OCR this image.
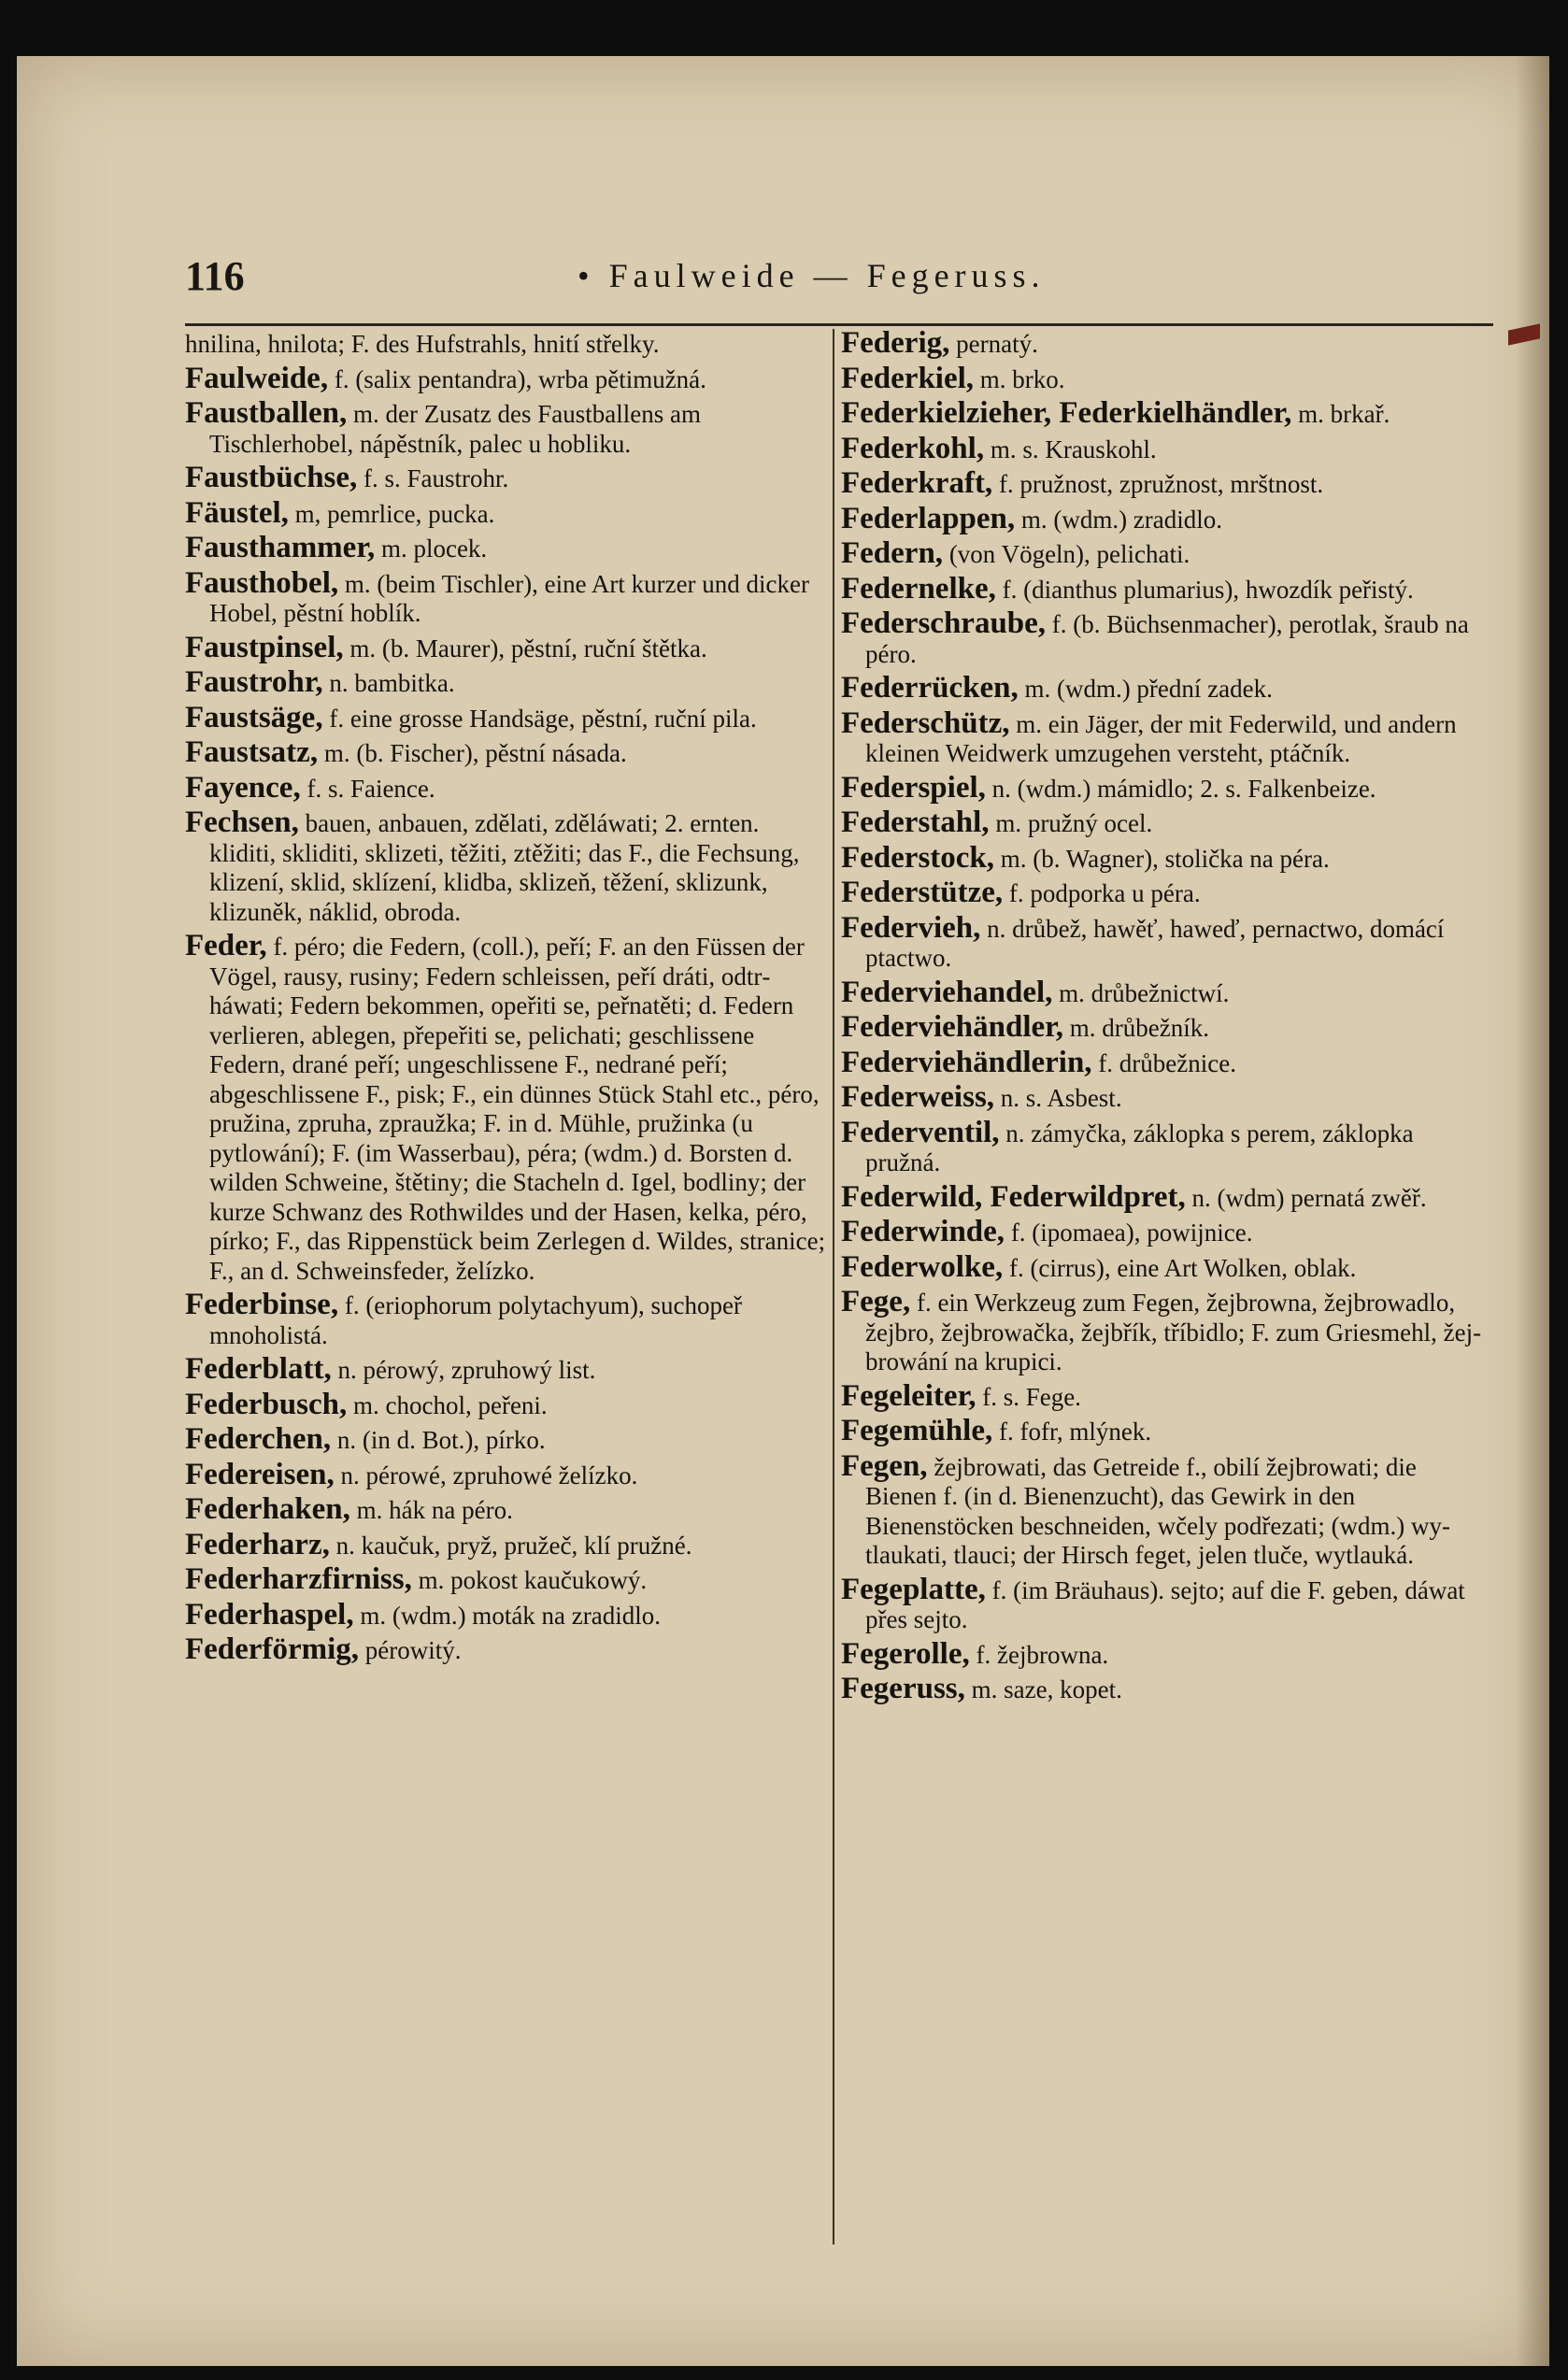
116	• Faulweide — Fegeruss.
hnilina, hnilota; F. des Hufstrahls, hnití střelky.
Faulweide, f. (salix pentandra), wrba pětimužná.
Faustballen, m. der Zusatz des Faustballens am Tischlerhobel, nápěstník, palec u hobliku.
Faustbüchse, f. s. Faustrohr.
Fäustel, m, pemrlice, pucka.
Fausthammer, m. plocek.
Fausthobel, m. (beim Tischler), eine Art kurzer und dicker Hobel, pěstní hoblík.
Faustpinsel, m. (b. Maurer), pěstní, ruční štětka.
Faustrohr, n. bambitka.
Faustsäge, f. eine grosse Handsäge, pěstní, ruční pila.
Faustsatz, m. (b. Fischer), pěstní násada.
Fayence, f. s. Faience.
Fechsen, bauen, anbauen, zdělati, zděláwati; 2. ernten. kliditi, skliditi, sklizeti, těžiti, ztěžiti; das F., die Fechsung, klizení, sklid, sklízení, klidba, sklizeň, těžení, sklizunk, klizuněk, náklid, obroda.
Feder, f. péro; die Federn, (coll.), peří; F. an den Füssen der Vögel, rausy, rusiny; Federn schleissen, peří dráti, odtrháwati; Federn bekommen, opeřiti se, peřnatěti; d. Federn verlieren, ablegen, přepeřiti se, pelichati; geschlissene Federn, drané peří; ungeschlissene F., nedrané peří; abgeschlissene F., pisk; F., ein dünnes Stück Stahl etc., péro, pružina, zpruha, zpraužka; F. in d. Mühle, pružinka (u pytlowání); F. (im Wasserbau), péra; (wdm.) d. Borsten d. wilden Schweine, štětiny; die Stacheln d. Igel, bodliny; der kurze Schwanz des Rothwildes und der Hasen, kelka, péro, pírko; F., das Rippenstück beim Zerlegen d. Wildes, stranice; F., an d. Schweinsfeder, želízko.
Federbinse, f. (eriophorum polytachyum), suchopeř mnoholistá.
Federblatt, n. pérowý, zpruhowý list.
Federbusch, m. chochol, peřeni.
Federchen, n. (in d. Bot.), pírko.
Federeisen, n. pérowé, zpruhowé želízko.
Federhaken, m. hák na péro.
Federharz, n. kaučuk, pryž, pružeč, klí pružné.
Federharzfirniss, m. pokost kaučukowý.
Federhaspel, m. (wdm.) moták na zradidlo.
Federförmig, pérowitý.
Federig, pernatý.
Federkiel, m. brko.
Federkielzieher, Federkielhändler, m. brkař.
Federkohl, m. s. Krauskohl.
Federkraft, f. pružnost, zpružnost, mrštnost.
Federlappen, m. (wdm.) zradidlo.
Federn, (von Vögeln), pelichati.
Federnelke, f. (dianthus plumarius), hwozdík peřistý.
Federschraube, f. (b. Büchsenmacher), perotlak, šraub na péro.
Federrücken, m. (wdm.) přední zadek.
Federschütz, m. ein Jäger, der mit Federwild, und andern kleinen Weidwerk umzugehen versteht, ptáčník.
Federspiel, n. (wdm.) mámidlo; 2. s. Falkenbeize.
Federstahl, m. pružný ocel.
Federstock, m. (b. Wagner), stolička na péra.
Federstütze, f. podporka u péra.
Federvieh, n. drůbež, hawěť, haweď, pernactwo, domácí ptactwo.
Federviehandel, m. drůbežnictwí.
Federviehändler, m. drůbežník.
Federviehändlerin, f. drůbežnice.
Federweiss, n. s. Asbest.
Federventil, n. zámyčka, záklopka s perem, záklopka pružná.
Federwild, Federwildpret, n. (wdm) pernatá zwěř.
Federwinde, f. (ipomaea), powijnice.
Federwolke, f. (cirrus), eine Art Wolken, oblak.
Fege, f. ein Werkzeug zum Fegen, žejbrowna, žejbrowadlo, žejbro, žejbrowačka, žejbřík, tříbidlo; F. zum Griesmehl, žejbrowání na krupici.
Fegeleiter, f. s. Fege.
Fegemühle, f. fofr, mlýnek.
Fegen, žejbrowati, das Getreide f., obilí žejbrowati; die Bienen f. (in d. Bienenzucht), das Gewirk in den Bienenstöcken beschneiden, wčely podřezati; (wdm.) wytlaukati, tlauci; der Hirsch feget, jelen tluče, wytlauká.
Fegeplatte, f. (im Bräuhaus). sejto; auf die F. geben, dáwat přes sejto.
Fegerolle, f. žejbrowna.
Fegeruss, m. saze, kopet.
